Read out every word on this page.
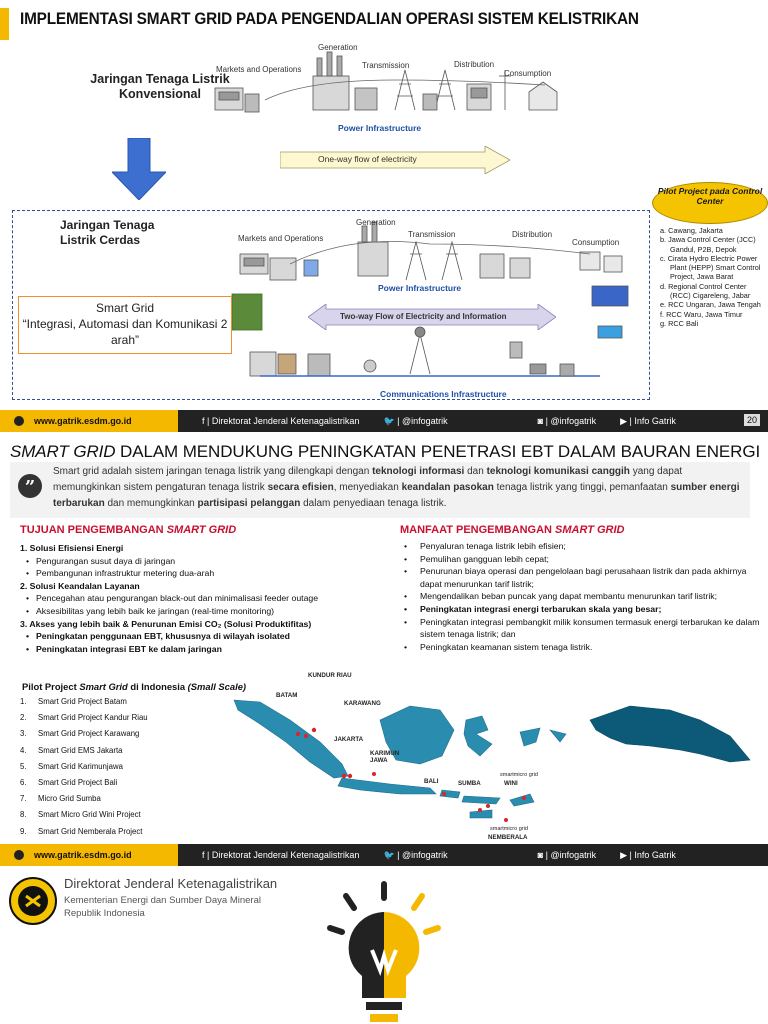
IMPLEMENTASI SMART GRID PADA PENGENDALIAN OPERASI SISTEM KELISTRIKAN
Jaringan Tenaga Listrik Konvensional
Markets and Operations
Generation
Transmission	Distribution
Consumption
Power Infrastructure
One-way flow of electricity
Jaringan Tenaga Listrik Cerdas	Markets and Operations
Generation
Transmission	Distribution
Consumption
Power Infrastructure
Smart Grid
“Integrasi, Automasi dan Komunikasi 2 arah”
Two-way Flow of Electricity and Information
Communications Infrastructure
Pilot Project pada Control Center
a. Cawang, Jakarta
b. Jawa Control Center (JCC) Gandul, P2B, Depok
c. Cirata Hydro Electric Power Plant (HEPP) Smart Control Project, Jawa Barat
d. Regional Control Center (RCC) Cigareleng, Jabar
e. RCC Ungaran, Jawa Tengah
f. RCC Waru, Jawa Timur
g. RCC Bali
www.gatrik.esdm.go.id	f | Direktorat Jenderal Ketenagalistrikan	🐦 | @infogatrik	◙ | @infogatrik	▶ | Info Gatrik	20
SMART GRID DALAM MENDUKUNG PENINGKATAN PENETRASI EBT DALAM BAURAN ENERGI
Smart grid adalah sistem jaringan tenaga listrik yang dilengkapi dengan teknologi informasi dan teknologi komunikasi canggih yang dapat memungkinkan sistem pengaturan tenaga listrik secara efisien, menyediakan keandalan pasokan tenaga listrik yang tinggi, pemanfaatan sumber energi terbarukan dan memungkinkan partisipasi pelanggan dalam penyediaan tenaga listrik.
”
TUJUAN PENGEMBANGAN SMART GRID	MANFAAT PENGEMBANGAN SMART GRID
1. Solusi Efisiensi Energi
• Pengurangan susut daya di jaringan
• Pembangunan infrastruktur metering dua-arah
2. Solusi Keandalan Layanan
• Pencegahan atau pengurangan black-out dan minimalisasi feeder outage
• Aksesibilitas yang lebih baik ke jaringan (real-time monitoring)
3. Akses yang lebih baik & Penurunan Emisi CO₂ (Solusi Produktifitas)
• Peningkatan penggunaan EBT, khususnya di wilayah isolated
• Peningkatan integrasi EBT ke dalam jaringan
• Penyaluran tenaga listrik lebih efisien;
• Pemulihan gangguan lebih cepat;
• Penurunan biaya operasi dan pengelolaan bagi perusahaan listrik dan pada akhirnya dapat menurunkan tarif listrik;
• Mengendalikan beban puncak yang dapat membantu menurunkan tarif listrik;
• Peningkatan integrasi energi terbarukan skala yang besar;
• Peningkatan integrasi pembangkit milik konsumen termasuk energi terbarukan ke dalam sistem tenaga listrik; dan
• Peningkatan keamanan sistem tenaga listrik.
Pilot Project Smart Grid di Indonesia (Small Scale)
1. Smart Grid Project Batam
2. Smart Grid Project Kandur Riau
3. Smart Grid Project Karawang
4. Smart Grid EMS Jakarta
5. Smart Grid Karimunjawa
6. Smart Grid Project Bali
7. Micro Grid Sumba
8. Smart Micro Grid Wini Project
9. Smart Grid Nemberala Project
KUNDUR RIAU
BATAM
KARAWANG
JAKARTA
KARIMUN JAWA
BALI	SUMBA	WINI
smartmicro grid
smartmicro grid
NEMBERALA
www.gatrik.esdm.go.id	f | Direktorat Jenderal Ketenagalistrikan	🐦 | @infogatrik	◙ | @infogatrik	▶ | Info Gatrik
Direktorat Jenderal Ketenagalistrikan
Kementerian Energi dan Sumber Daya Mineral
Republik Indonesia
